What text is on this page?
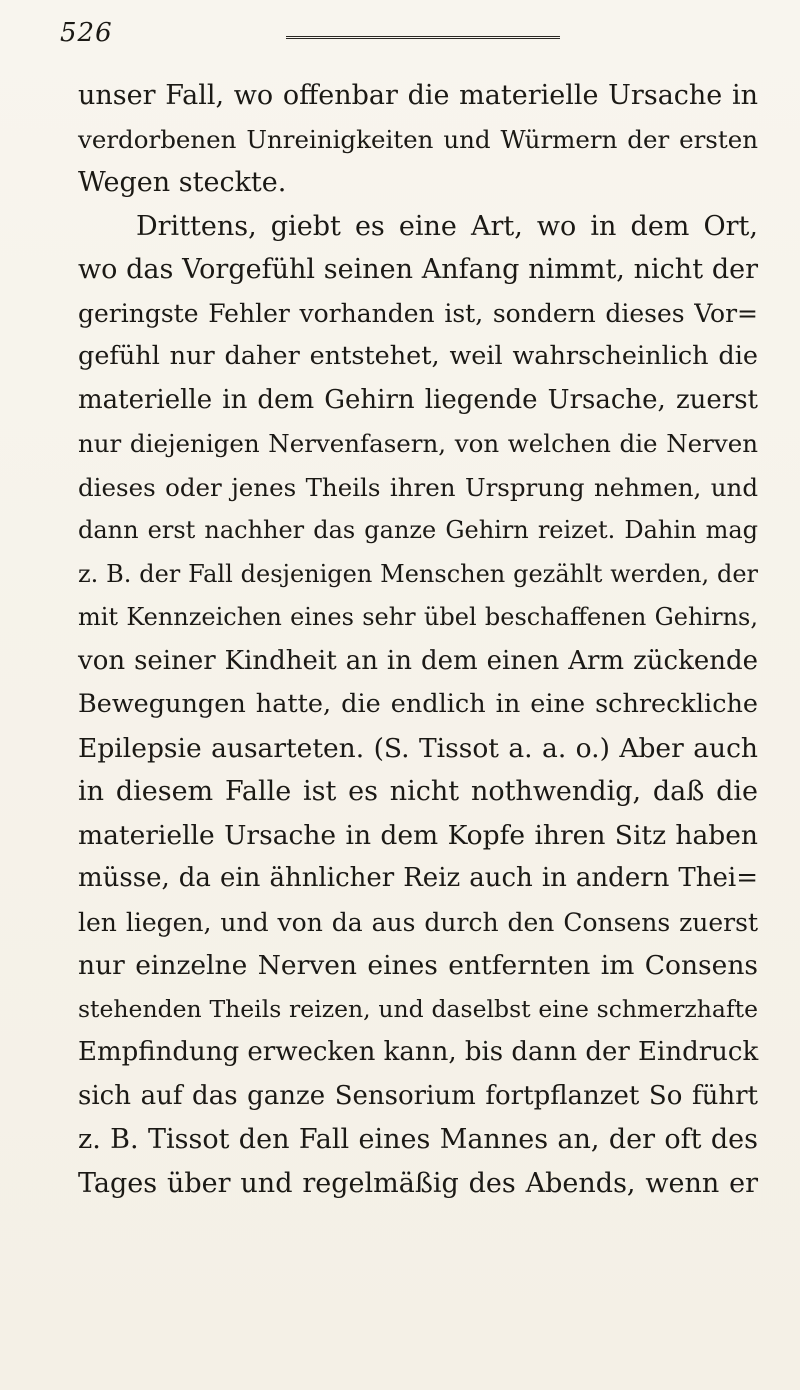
526
unser Fall, wo offenbar die materielle Ursache in
verdorbenen Unreinigkeiten und Würmern der ersten
Wegen steckte.
Drittens, giebt es eine Art, wo in dem Ort,
wo das Vorgefühl seinen Anfang nimmt, nicht der
geringste Fehler vorhanden ist, sondern dieses Vor=
gefühl nur daher entstehet, weil wahrscheinlich die
materielle in dem Gehirn liegende Ursache, zuerst
nur diejenigen Nervenfasern, von welchen die Nerven
dieses oder jenes Theils ihren Ursprung nehmen, und
dann erst nachher das ganze Gehirn reizet. Dahin mag
z. B. der Fall desjenigen Menschen gezählt werden, der
mit Kennzeichen eines sehr übel beschaffenen Gehirns,
von seiner Kindheit an in dem einen Arm zückende
Bewegungen hatte, die endlich in eine schreckliche
Epilepsie ausarteten. (S. Tissot a. a. o.) Aber auch
in diesem Falle ist es nicht nothwendig, daß die
materielle Ursache in dem Kopfe ihren Sitz haben
müsse, da ein ähnlicher Reiz auch in andern Thei=
len liegen, und von da aus durch den Consens zuerst
nur einzelne Nerven eines entfernten im Consens
stehenden Theils reizen, und daselbst eine schmerzhafte
Empfindung erwecken kann, bis dann der Eindruck
sich auf das ganze Sensorium fortpflanzet So führt
z. B. Tissot den Fall eines Mannes an, der oft des
Tages über und regelmäßig des Abends, wenn er
